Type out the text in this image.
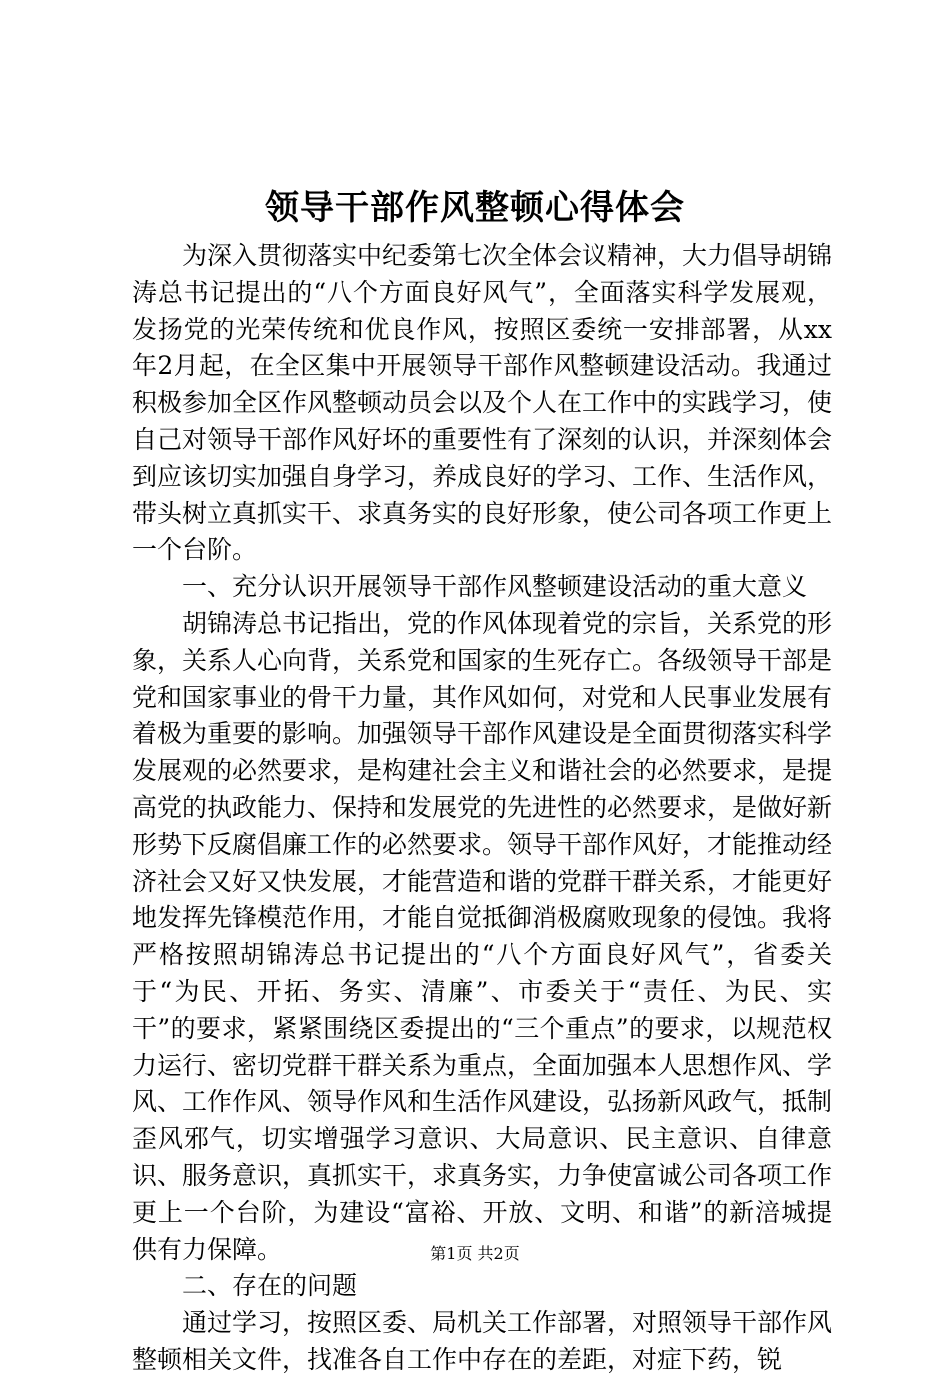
领导干部作风整顿心得体会

为深入贯彻落实中纪委第七次全体会议精神，大力倡导胡锦涛总书记提出的“八个方面良好风气”，全面落实科学发展观，发扬党的光荣传统和优良作风，按照区委统一安排部署，从xx年2月起，在全区集中开展领导干部作风整顿建设活动。我通过积极参加全区作风整顿动员会以及个人在工作中的实践学习，使自己对领导干部作风好坏的重要性有了深刻的认识，并深刻体会到应该切实加强自身学习，养成良好的学习、工作、生活作风，带头树立真抓实干、求真务实的良好形象，使公司各项工作更上一个台阶。

一、充分认识开展领导干部作风整顿建设活动的重大意义

胡锦涛总书记指出，党的作风体现着党的宗旨，关系党的形象，关系人心向背，关系党和国家的生死存亡。各级领导干部是党和国家事业的骨干力量，其作风如何，对党和人民事业发展有着极为重要的影响。加强领导干部作风建设是全面贯彻落实科学发展观的必然要求，是构建社会主义和谐社会的必然要求，是提高党的执政能力、保持和发展党的先进性的必然要求，是做好新形势下反腐倡廉工作的必然要求。领导干部作风好，才能推动经济社会又好又快发展，才能营造和谐的党群干群关系，才能更好地发挥先锋模范作用，才能自觉抵御消极腐败现象的侵蚀。我将严格按照胡锦涛总书记提出的“八个方面良好风气”，省委关于“为民、开拓、务实、清廉”、市委关于“责任、为民、实干”的要求，紧紧围绕区委提出的“三个重点”的要求，以规范权力运行、密切党群干群关系为重点，全面加强本人思想作风、学风、工作作风、领导作风和生活作风建设，弘扬新风政气，抵制歪风邪气，切实增强学习意识、大局意识、民主意识、自律意识、服务意识，真抓实干，求真务实，力争使富诚公司各项工作更上一个台阶，为建设“富裕、开放、文明、和谐”的新涪城提供有力保障。

二、存在的问题

通过学习，按照区委、局机关工作部署，对照领导干部作风整顿相关文件，找准各自工作中存在的差距，对症下药，锐

第1页 共2页
